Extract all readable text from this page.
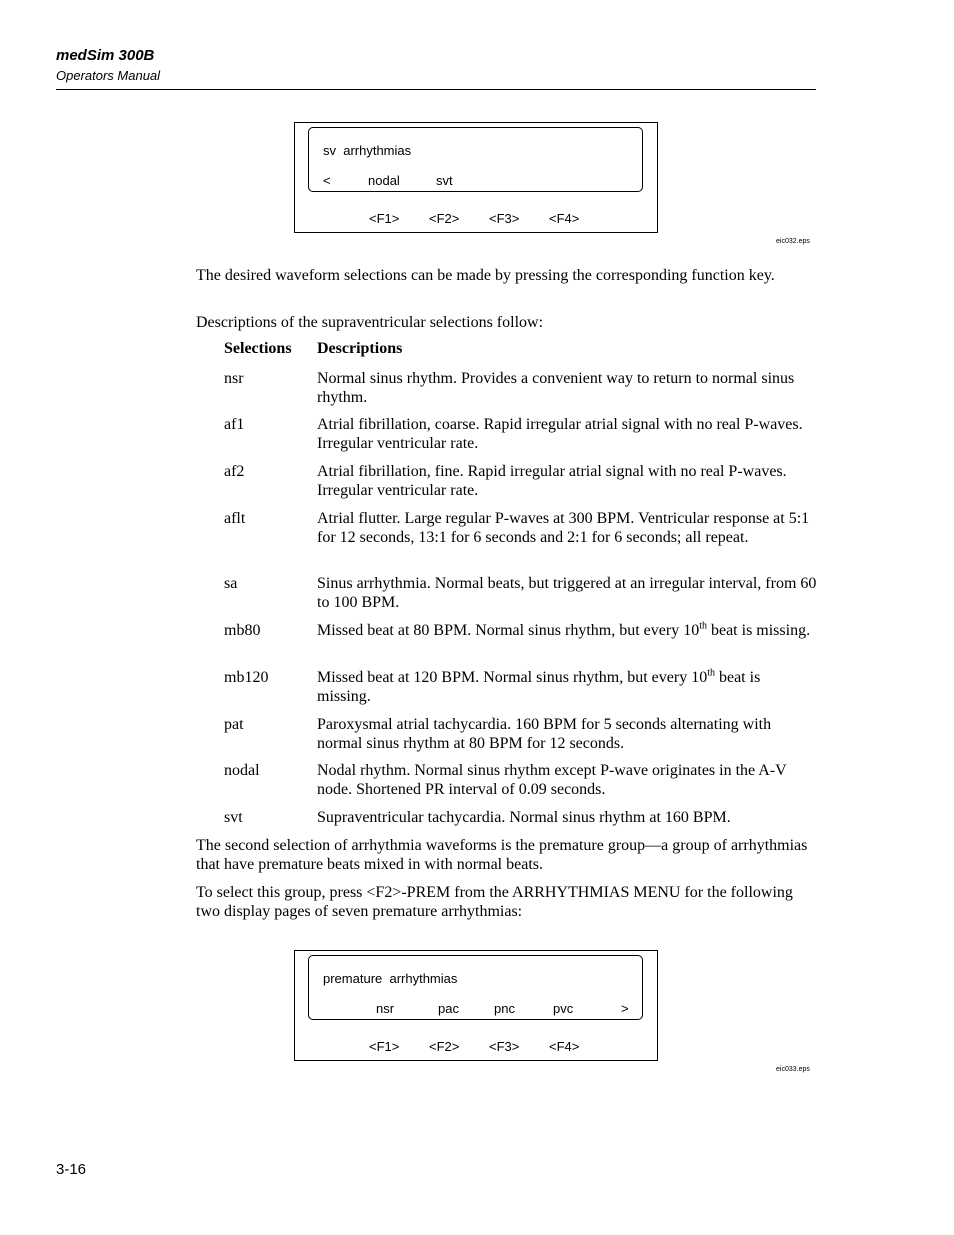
medSim 300B
Operators Manual
sv  arrhythmias
<	nodal	svt
<F1> <F2> <F3> <F4>
eic032.eps
The desired waveform selections can be made by pressing the corresponding function key.
Descriptions of the supraventricular selections follow:
Selections Descriptions
nsr	Normal sinus rhythm. Provides a convenient way to return to normal sinus rhythm.
af1	Atrial fibrillation, coarse. Rapid irregular atrial signal with no real P-waves. Irregular ventricular rate.
af2	Atrial fibrillation, fine. Rapid irregular atrial signal with no real P-waves. Irregular ventricular rate.
aflt	Atrial flutter. Large regular P-waves at 300 BPM. Ventricular response at 5:1 for 12 seconds, 13:1 for 6 seconds and 2:1 for 6 seconds; all repeat.
sa	Sinus arrhythmia. Normal beats, but triggered at an irregular interval, from 60 to 100 BPM.
mb80	Missed beat at 80 BPM. Normal sinus rhythm, but every 10th beat is missing.
mb120	Missed beat at 120 BPM. Normal sinus rhythm, but every 10th beat is missing.
pat	Paroxysmal atrial tachycardia. 160 BPM for 5 seconds alternating with normal sinus rhythm at 80 BPM for 12 seconds.
nodal	Nodal rhythm. Normal sinus rhythm except P-wave originates in the A-V node. Shortened PR interval of 0.09 seconds.
svt	Supraventricular tachycardia. Normal sinus rhythm at 160 BPM.
The second selection of arrhythmia waveforms is the premature group—a group of arrhythmias that have premature beats mixed in with normal beats.
To select this group, press <F2>-PREM from the ARRHYTHMIAS MENU for the following two display pages of seven premature arrhythmias:
premature  arrhythmias
nsr	pac	pnc	pvc	>
<F1> <F2> <F3> <F4>
eic033.eps
3-16
